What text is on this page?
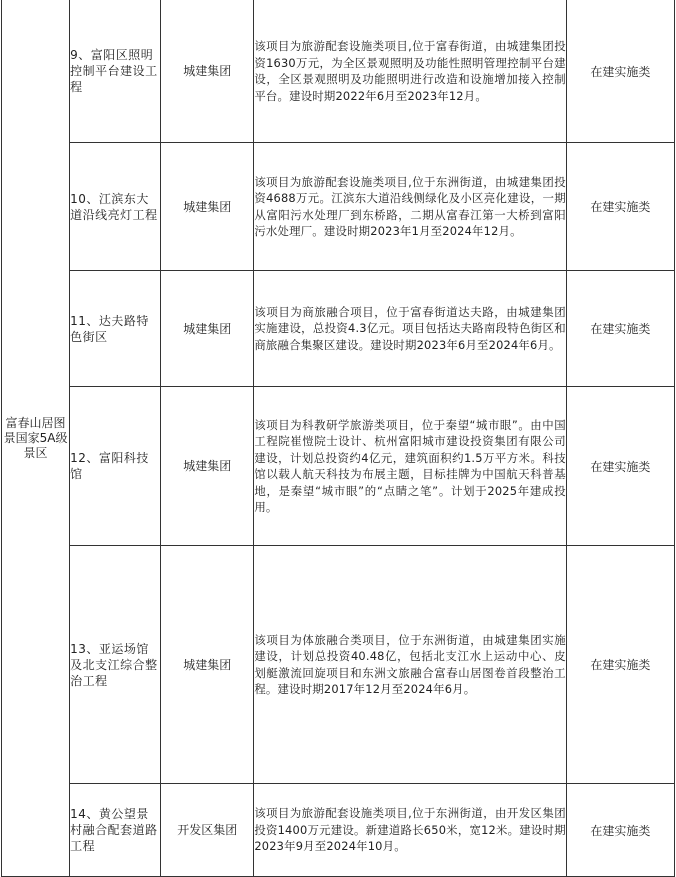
富春山居图景国家5A级景区	9、富阳区照明控制平台建设工程	城建集团	该项目为旅游配套设施类项目,位于富春街道，由城建集团投资1630万元，为全区景观照明及功能性照明管理控制平台建设，全区景观照明及功能照明进行改造和设施增加接入控制平台。建设时期2022年6月至2023年12月。	在建实施类
	10、江滨东大道沿线亮灯工程	城建集团	该项目为旅游配套设施类项目,位于东洲街道，由城建集团投资4688万元。江滨东大道沿线侧绿化及小区亮化建设，一期从富阳污水处理厂到东桥路，二期从富春江第一大桥到富阳污水处理厂。建设时期2023年1月至2024年12月。	在建实施类
	11、达夫路特色街区	城建集团	该项目为商旅融合项目，位于富春街道达夫路，由城建集团实施建设，总投资4.3亿元。项目包括达夫路南段特色街区和商旅融合集聚区建设。建设时期2023年6月至2024年6月。	在建实施类
	12、富阳科技馆	城建集团	该项目为科教研学旅游类项目，位于秦望“城市眼”。由中国工程院崔愷院士设计、杭州富阳城市建设投资集团有限公司建设，计划总投资约4亿元，建筑面积约1.5万平方米。科技馆以载人航天科技为布展主题，目标挂牌为中国航天科普基地，是秦望“城市眼”的“点睛之笔”。计划于2025年建成投用。	在建实施类
	13、亚运场馆及北支江综合整治工程	城建集团	该项目为体旅融合类项目，位于东洲街道，由城建集团实施建设，计划总投资40.48亿，包括北支江水上运动中心、皮划艇激流回旋项目和东洲文旅融合富春山居图卷首段整治工程。建设时期2017年12月至2024年6月。	在建实施类
	14、黄公望景村融合配套道路工程	开发区集团	该项目为旅游配套设施类项目,位于东洲街道，由开发区集团投资1400万元建设。新建道路长650米，宽12米。建设时期2023年9月至2024年10月。	在建实施类
